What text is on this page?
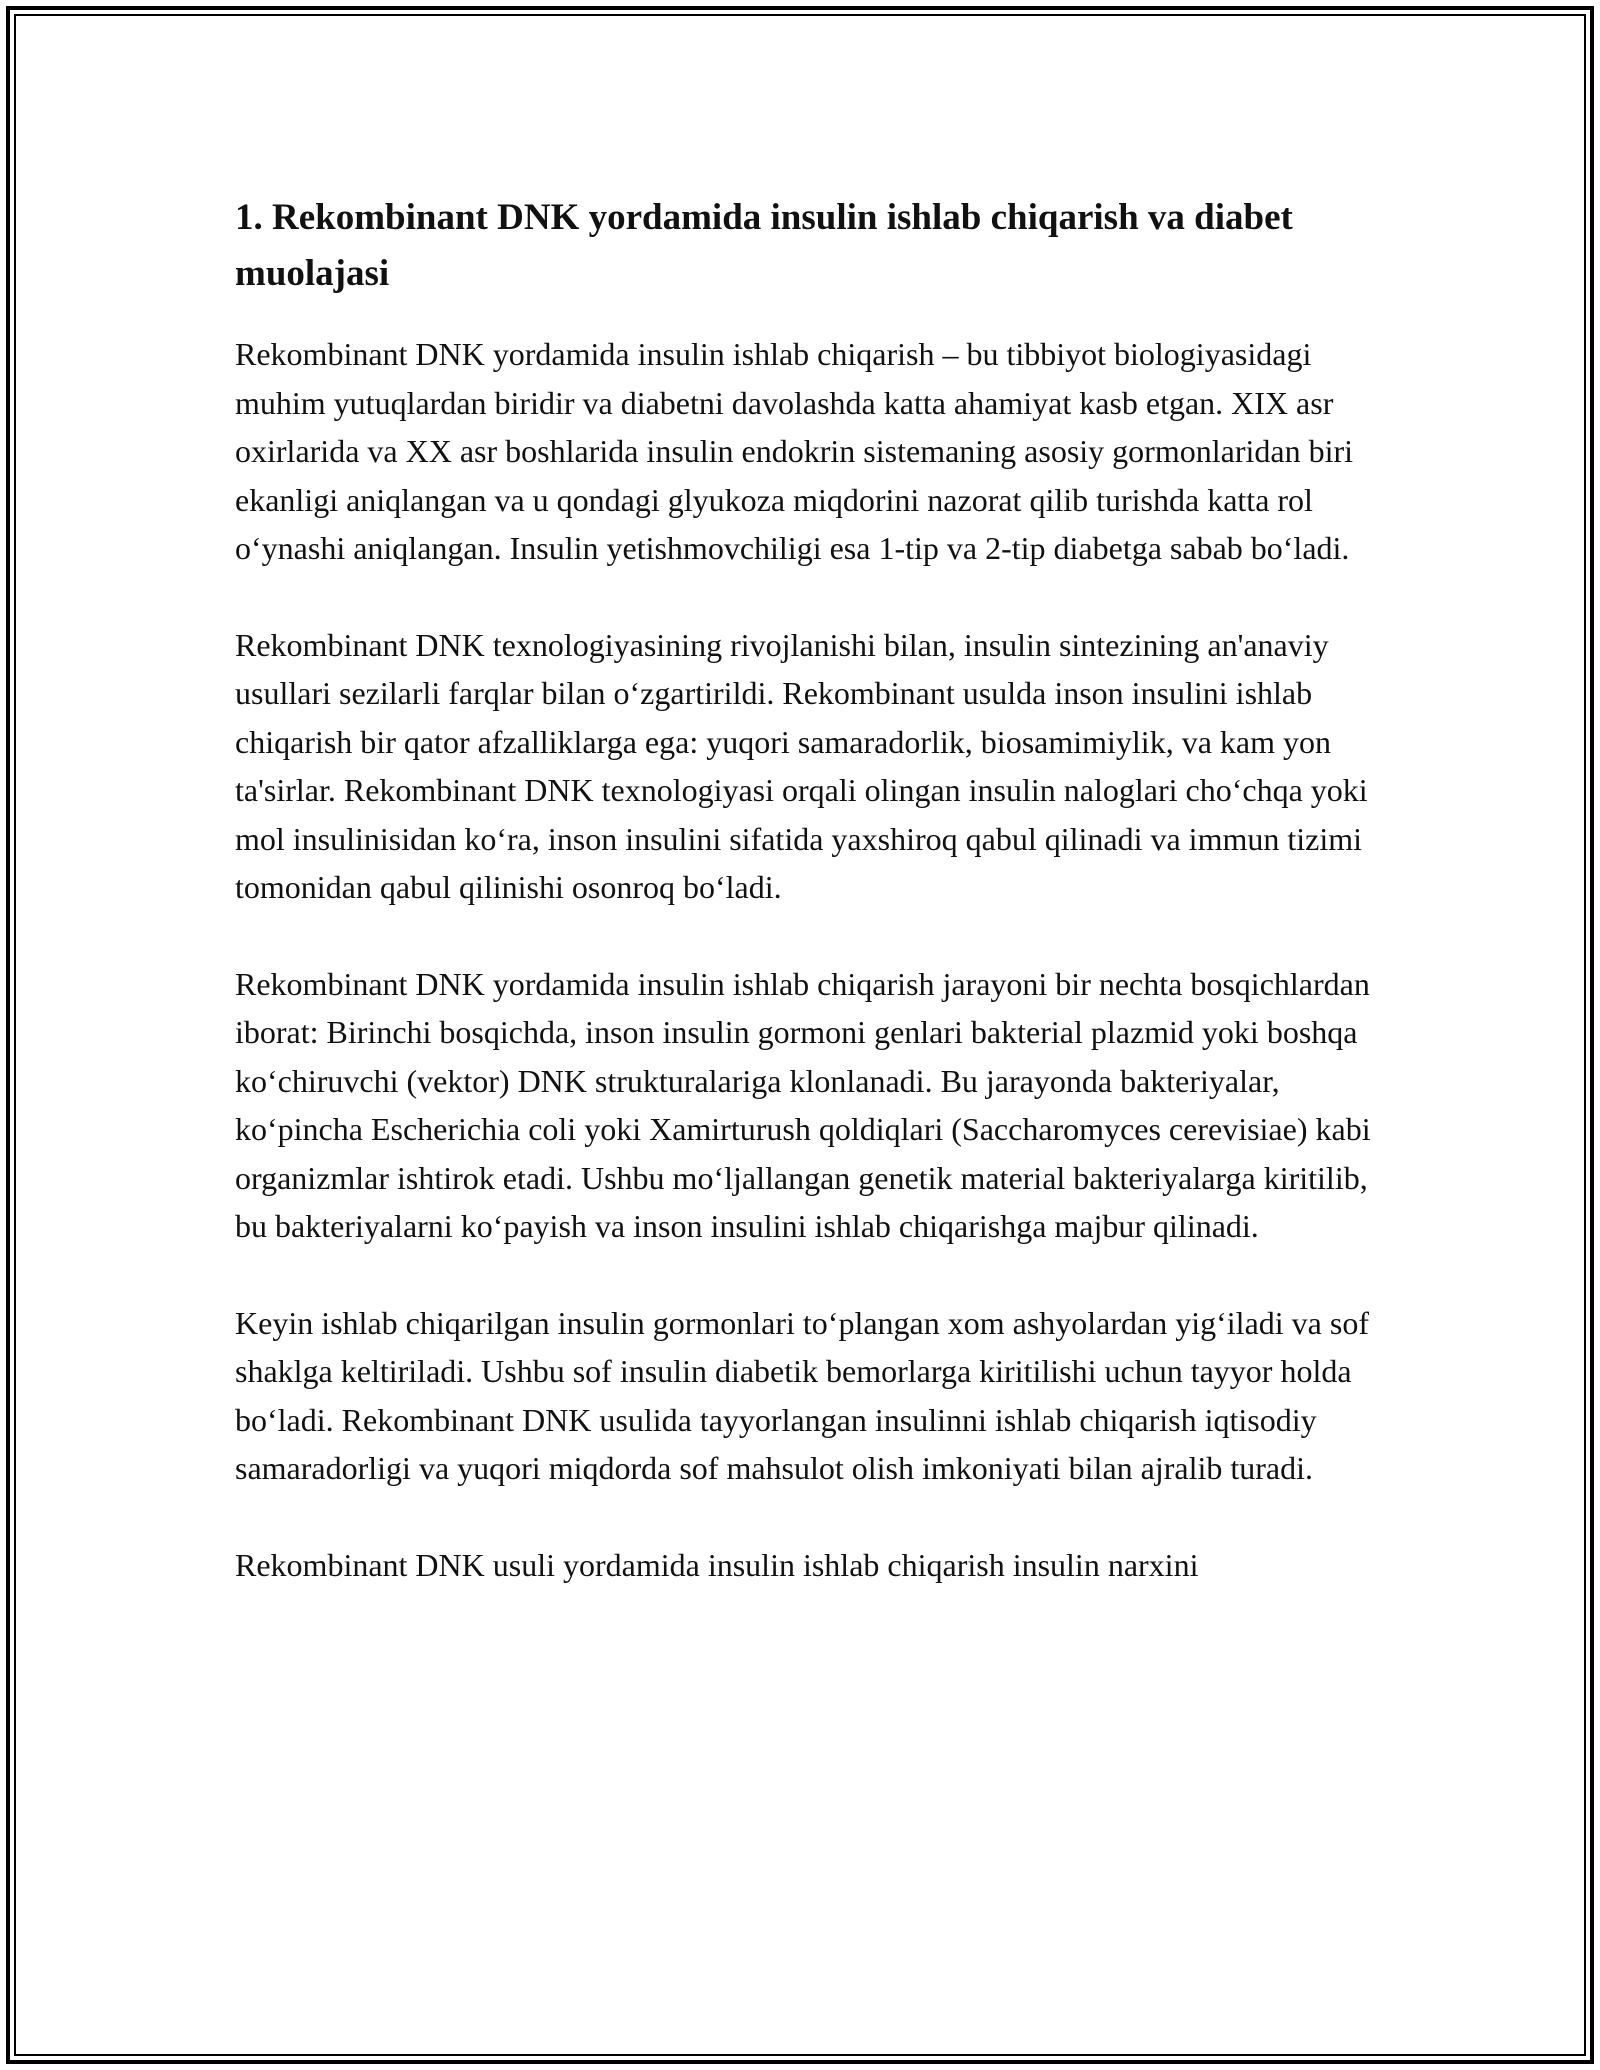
1. Rekombinant DNK yordamida insulin ishlab chiqarish va diabet muolajasi

Rekombinant DNK yordamida insulin ishlab chiqarish – bu tibbiyot biologiyasidagi muhim yutuqlardan biridir va diabetni davolashda katta ahamiyat kasb etgan. XIX asr oxirlarida va XX asr boshlarida insulin endokrin sistemaning asosiy gormonlaridan biri ekanligi aniqlangan va u qondagi glyukoza miqdorini nazorat qilib turishda katta rol o‘ynashi aniqlangan. Insulin yetishmovchiligi esa 1-tip va 2-tip diabetga sabab bo‘ladi.

Rekombinant DNK texnologiyasining rivojlanishi bilan, insulin sintezining an'anaviy usullari sezilarli farqlar bilan o‘zgartirildi. Rekombinant usulda inson insulini ishlab chiqarish bir qator afzalliklarga ega: yuqori samaradorlik, biosamimiylik, va kam yon ta'sirlar. Rekombinant DNK texnologiyasi orqali olingan insulin naloglari cho‘chqa yoki mol insulinisidan ko‘ra, inson insulini sifatida yaxshiroq qabul qilinadi va immun tizimi tomonidan qabul qilinishi osonroq bo‘ladi.

Rekombinant DNK yordamida insulin ishlab chiqarish jarayoni bir nechta bosqichlardan iborat: Birinchi bosqichda, inson insulin gormoni genlari bakterial plazmid yoki boshqa ko‘chiruvchi (vektor) DNK strukturalariga klonlanadi. Bu jarayonda bakteriyalar, ko‘pincha Escherichia coli yoki Xamirturush qoldiqlari (Saccharomyces cerevisiae) kabi organizmlar ishtirok etadi. Ushbu mo‘ljallangan genetik material bakteriyalarga kiritilib, bu bakteriyalarni ko‘payish va inson insulini ishlab chiqarishga majbur qilinadi.

Keyin ishlab chiqarilgan insulin gormonlari to‘plangan xom ashyolardan yig‘iladi va sof shaklga keltiriladi. Ushbu sof insulin diabetik bemorlarga kiritilishi uchun tayyor holda bo‘ladi. Rekombinant DNK usulida tayyorlangan insulinni ishlab chiqarish iqtisodiy samaradorligi va yuqori miqdorda sof mahsulot olish imkoniyati bilan ajralib turadi.

Rekombinant DNK usuli yordamida insulin ishlab chiqarish insulin narxini
